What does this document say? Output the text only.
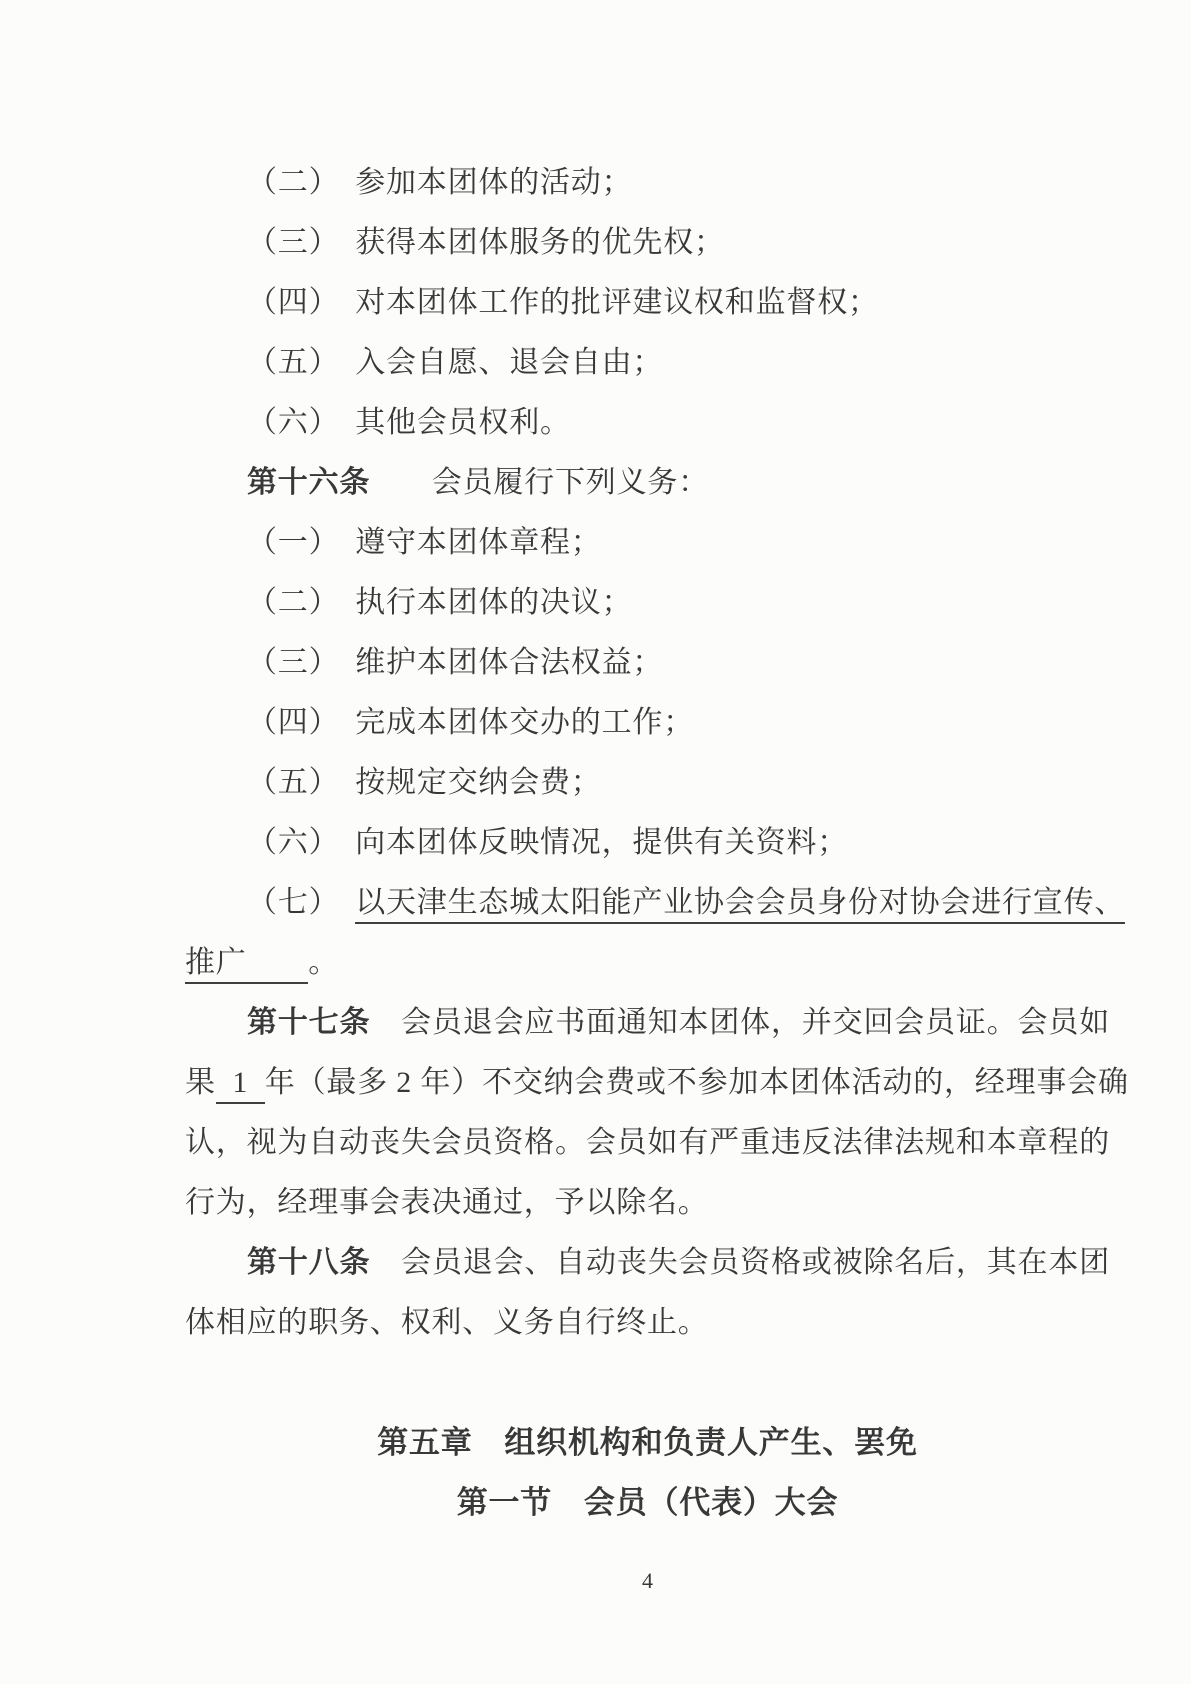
（二）　参加本团体的活动；
（三）　获得本团体服务的优先权；
（四）　对本团体工作的批评建议权和监督权；
（五）　入会自愿、退会自由；
（六）　其他会员权利。
第十六条　　会员履行下列义务：
（一）　遵守本团体章程；
（二）　执行本团体的决议；
（三）　维护本团体合法权益；
（四）　完成本团体交办的工作；
（五）　按规定交纳会费；
（六）　向本团体反映情况，提供有关资料；
（七）　以天津生态城太阳能产业协会会员身份对协会进行宣传、
推广　　。
第十七条　会员退会应书面通知本团体，并交回会员证。会员如
果  1  年（最多 2 年）不交纳会费或不参加本团体活动的，经理事会确
认，视为自动丧失会员资格。会员如有严重违反法律法规和本章程的
行为，经理事会表决通过，予以除名。
第十八条　会员退会、自动丧失会员资格或被除名后，其在本团
体相应的职务、权利、义务自行终止。
第五章　组织机构和负责人产生、罢免
第一节　会员（代表）大会
4
